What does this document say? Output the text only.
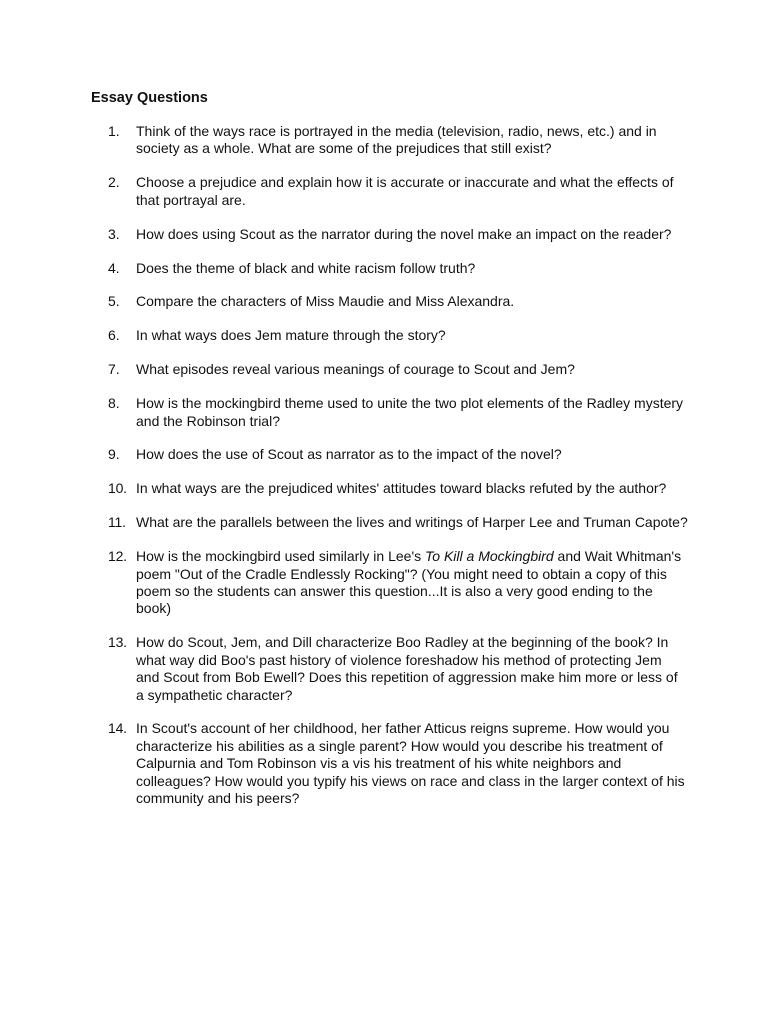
Essay Questions
1.	Think of the ways race is portrayed in the media (television, radio, news, etc.) and in society as a whole. What are some of the prejudices that still exist?
2.	Choose a prejudice and explain how it is accurate or inaccurate and what the effects of that portrayal are.
3.	How does using Scout as the narrator during the novel make an impact on the reader?
4.	Does the theme of black and white racism follow truth?
5.	Compare the characters of Miss Maudie and Miss Alexandra.
6.	In what ways does Jem mature through the story?
7.	What episodes reveal various meanings of courage to Scout and Jem?
8.	How is the mockingbird theme used to unite the two plot elements of the Radley mystery and the Robinson trial?
9.	How does the use of Scout as narrator as to the impact of the novel?
10. In what ways are the prejudiced whites' attitudes toward blacks refuted by the author?
11. What are the parallels between the lives and writings of Harper Lee and Truman Capote?
12. How is the mockingbird used similarly in Lee's To Kill a Mockingbird and Wait Whitman's poem "Out of the Cradle Endlessly Rocking"? (You might need to obtain a copy of this poem so the students can answer this question...It is also a very good ending to the book)
13. How do Scout, Jem, and Dill characterize Boo Radley at the beginning of the book? In what way did Boo's past history of violence foreshadow his method of protecting Jem and Scout from Bob Ewell? Does this repetition of aggression make him more or less of a sympathetic character?
14. In Scout's account of her childhood, her father Atticus reigns supreme. How would you characterize his abilities as a single parent? How would you describe his treatment of Calpurnia and Tom Robinson vis a vis his treatment of his white neighbors and colleagues? How would you typify his views on race and class in the larger context of his community and his peers?
